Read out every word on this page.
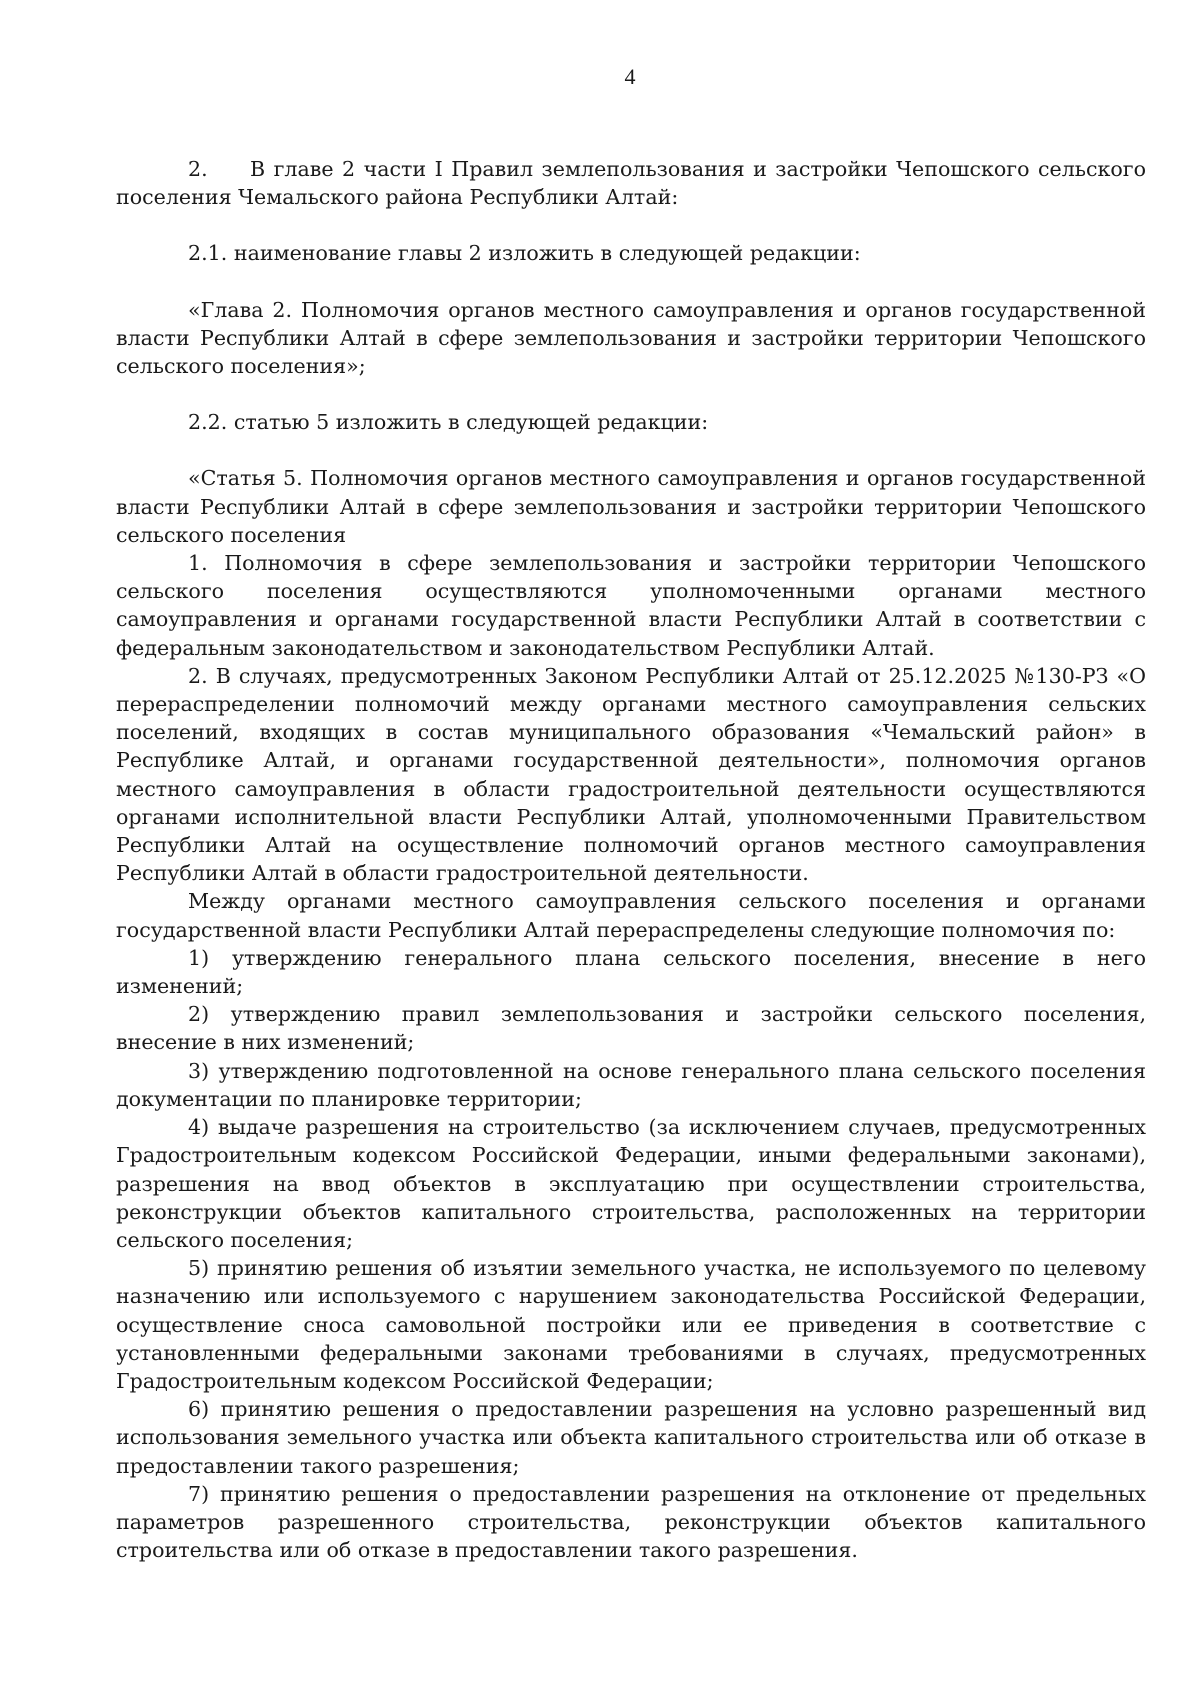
4

2. В главе 2 части I Правил землепользования и застройки Чепошского сельского поселения Чемальского района Республики Алтай:

2.1. наименование главы 2 изложить в следующей редакции:

«Глава 2. Полномочия органов местного самоуправления и органов государственной власти Республики Алтай в сфере землепользования и застройки территории Чепошского сельского поселения»;

2.2. статью 5 изложить в следующей редакции:

«Статья 5. Полномочия органов местного самоуправления и органов государственной власти Республики Алтай в сфере землепользования и застройки территории Чепошского сельского поселения

1. Полномочия в сфере землепользования и застройки территории Чепошского сельского поселения осуществляются уполномоченными органами местного самоуправления и органами государственной власти Республики Алтай в соответствии с федеральным законодательством и законодательством Республики Алтай.

2. В случаях, предусмотренных Законом Республики Алтай от 25.12.2025 №130-РЗ «О перераспределении полномочий между органами местного самоуправления сельских поселений, входящих в состав муниципального образования «Чемальский район» в Республике Алтай, и органами государственной деятельности», полномочия органов местного самоуправления в области градостроительной деятельности осуществляются органами исполнительной власти Республики Алтай, уполномоченными Правительством Республики Алтай на осуществление полномочий органов местного самоуправления Республики Алтай в области градостроительной деятельности.

Между органами местного самоуправления сельского поселения и органами государственной власти Республики Алтай перераспределены следующие полномочия по:

1) утверждению генерального плана сельского поселения, внесение в него изменений;

2) утверждению правил землепользования и застройки сельского поселения, внесение в них изменений;

3) утверждению подготовленной на основе генерального плана сельского поселения документации по планировке территории;

4) выдаче разрешения на строительство (за исключением случаев, предусмотренных Градостроительным кодексом Российской Федерации, иными федеральными законами), разрешения на ввод объектов в эксплуатацию при осуществлении строительства, реконструкции объектов капитального строительства, расположенных на территории сельского поселения;

5) принятию решения об изъятии земельного участка, не используемого по целевому назначению или используемого с нарушением законодательства Российской Федерации, осуществление сноса самовольной постройки или ее приведения в соответствие с установленными федеральными законами требованиями в случаях, предусмотренных Градостроительным кодексом Российской Федерации;

6) принятию решения о предоставлении разрешения на условно разрешенный вид использования земельного участка или объекта капитального строительства или об отказе в предоставлении такого разрешения;

7) принятию решения о предоставлении разрешения на отклонение от предельных параметров разрешенного строительства, реконструкции объектов капитального строительства или об отказе в предоставлении такого разрешения.
